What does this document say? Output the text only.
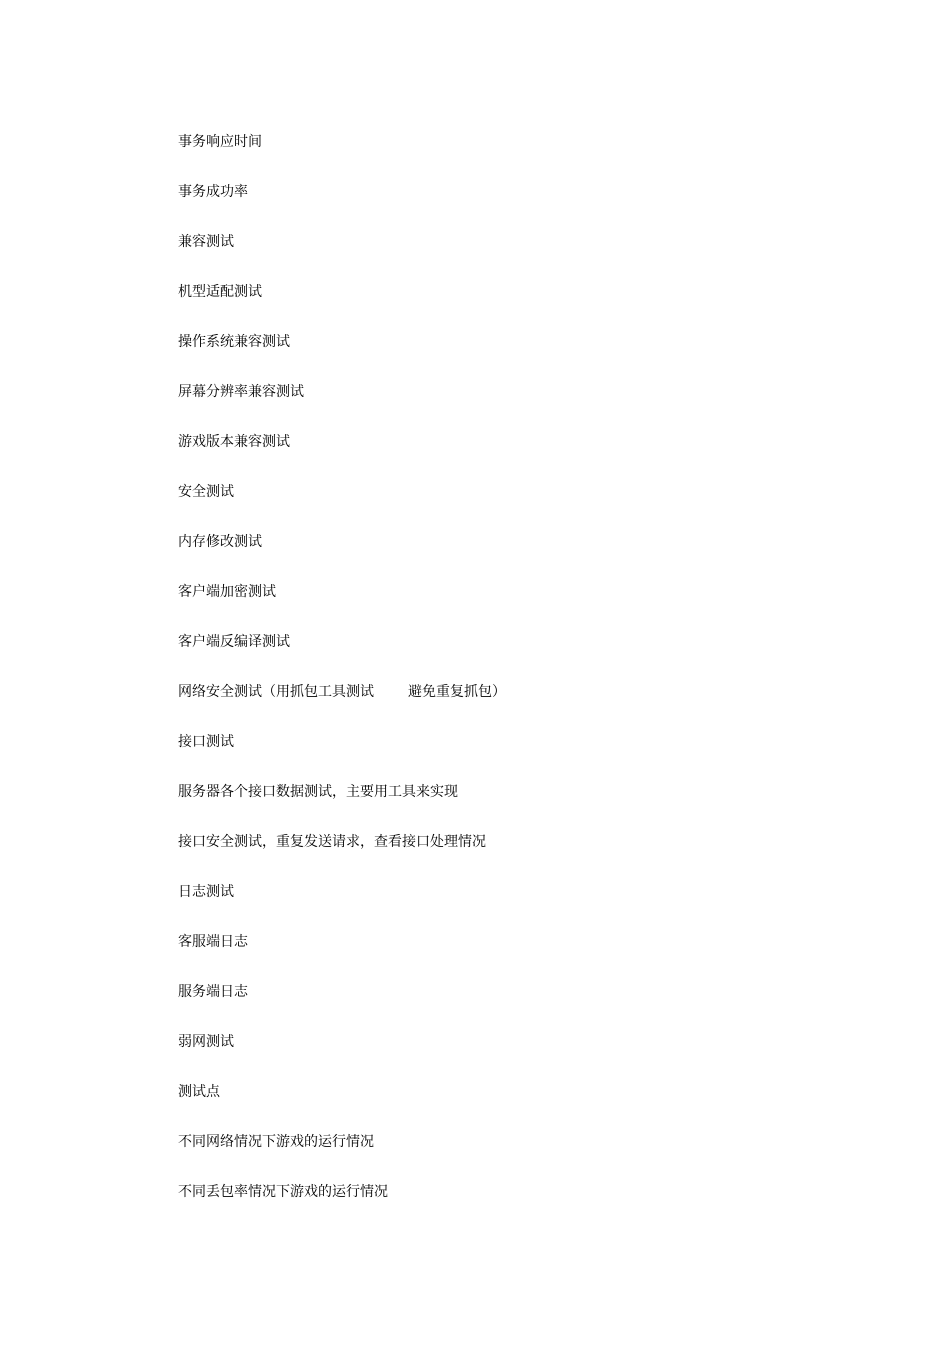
事务响应时间
事务成功率
兼容测试
机型适配测试
操作系统兼容测试
屏幕分辨率兼容测试
游戏版本兼容测试
安全测试
内存修改测试
客户端加密测试
客户端反编译测试
网络安全测试（用抓包工具测试 避免重复抓包）
接口测试
服务器各个接口数据测试，主要用工具来实现
接口安全测试，重复发送请求，查看接口处理情况
日志测试
客服端日志
服务端日志
弱网测试
测试点
不同网络情况下游戏的运行情况
不同丢包率情况下游戏的运行情况
